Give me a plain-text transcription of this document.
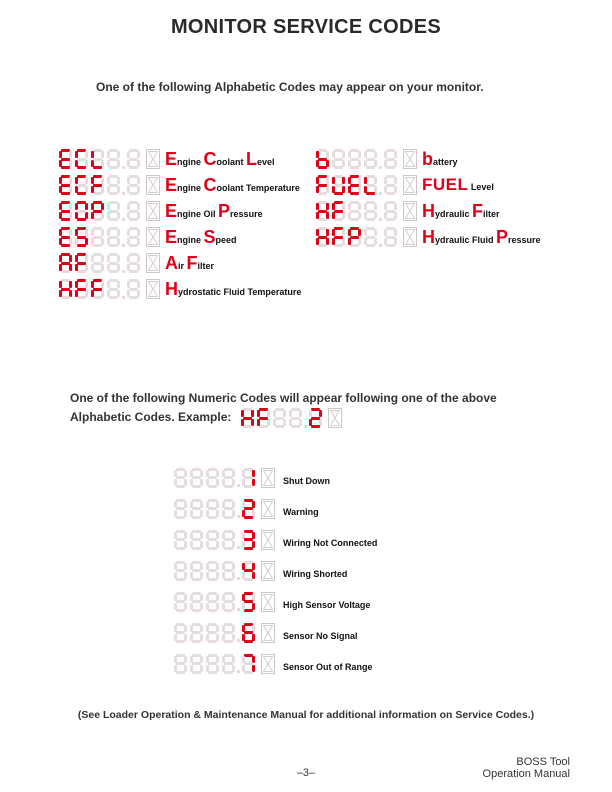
MONITOR SERVICE CODES
One of the following Alphabetic Codes may appear on your monitor.
Engine Coolant Level
Engine Coolant Temperature
Engine Oil Pressure
Engine Speed
Air Filter
Hydrostatic Fluid Temperature
battery
FUEL Level
Hydraulic Filter
Hydraulic Fluid Pressure
One of the following Numeric Codes will appear following one of the above Alphabetic Codes. Example:
Shut Down
Warning
Wiring Not Connected
Wiring Shorted
High Sensor Voltage
Sensor No Signal
Sensor Out of Range
(See Loader Operation & Maintenance Manual for additional information on Service Codes.)
–3–
BOSS Tool
Operation Manual
